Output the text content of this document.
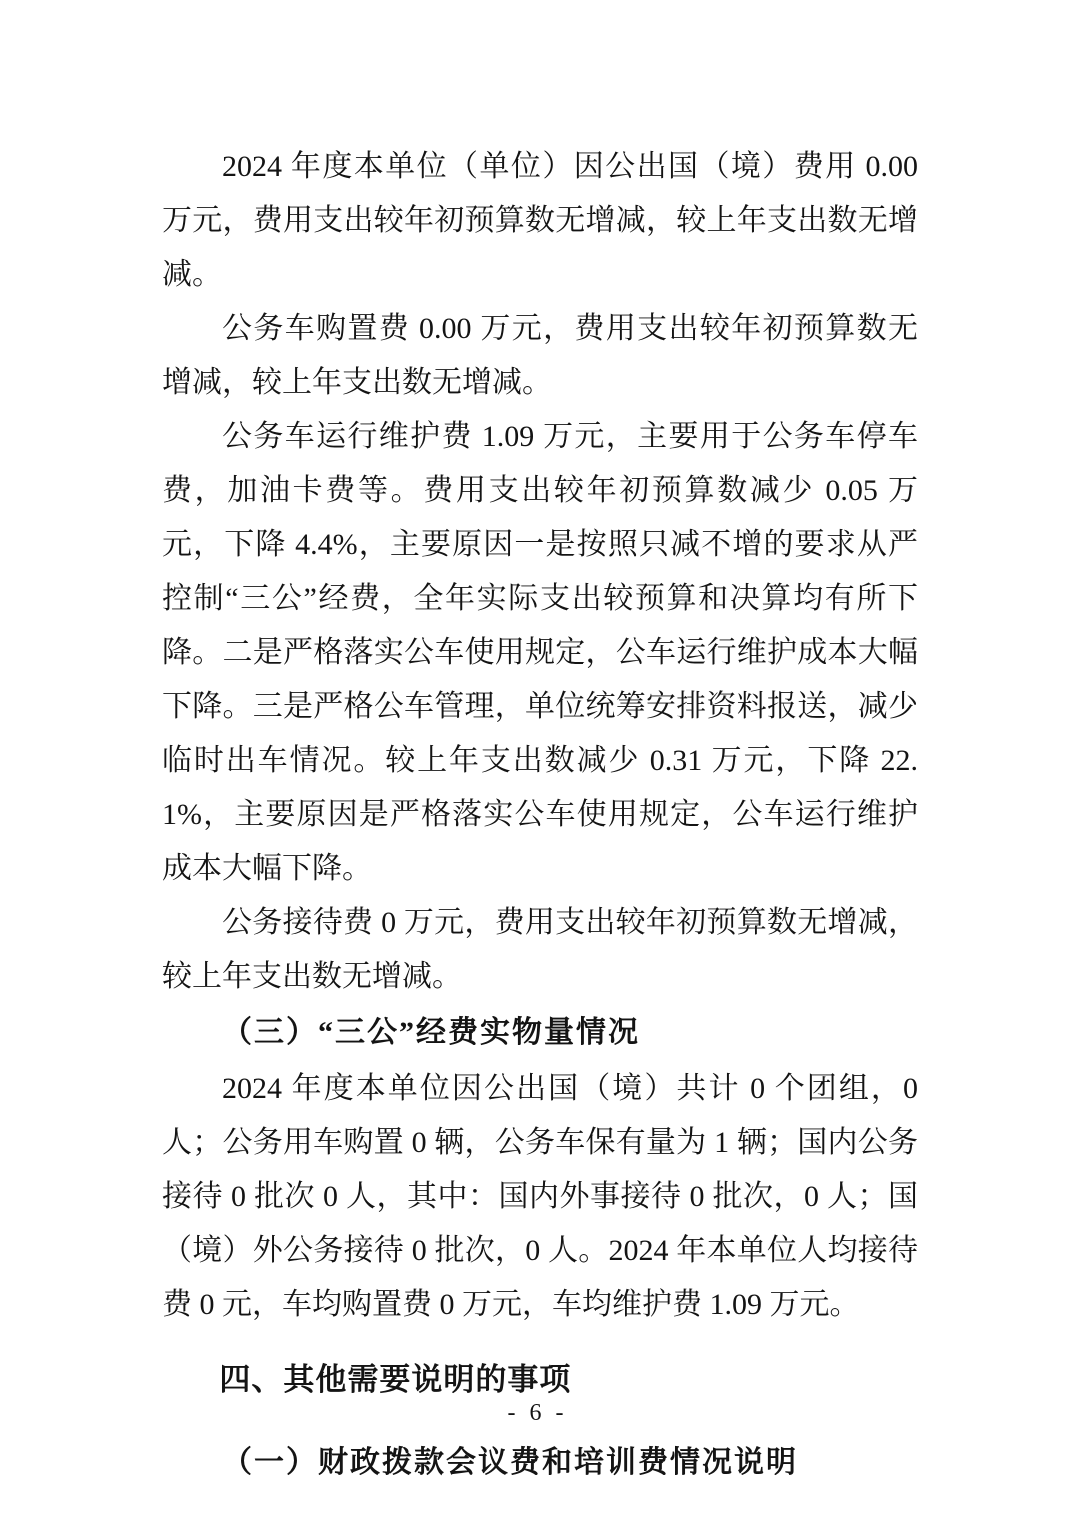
2024 年度本单位（单位）因公出国（境）费用 0.00 万元，费用支出较年初预算数无增减，较上年支出数无增减。

公务车购置费 0.00 万元，费用支出较年初预算数无增减，较上年支出数无增减。

公务车运行维护费 1.09 万元，主要用于公务车停车费，加油卡费等。费用支出较年初预算数减少 0.05 万元，下降 4.4%，主要原因一是按照只减不增的要求从严控制“三公”经费，全年实际支出较预算和决算均有所下降。二是严格落实公车使用规定，公车运行维护成本大幅下降。三是严格公车管理，单位统筹安排资料报送，减少临时出车情况。较上年支出数减少 0.31 万元，下降 22.1%，主要原因是严格落实公车使用规定，公车运行维护成本大幅下降。

公务接待费 0 万元，费用支出较年初预算数无增减，较上年支出数无增减。

（三）“三公”经费实物量情况

2024 年度本单位因公出国（境）共计 0 个团组，0 人；公务用车购置 0 辆，公务车保有量为 1 辆；国内公务接待 0 批次 0 人，其中：国内外事接待 0 批次，0 人；国（境）外公务接待 0 批次，0 人。2024 年本单位人均接待费 0 元，车均购置费 0 万元，车均维护费 1.09 万元。

四、其他需要说明的事项
（一）财政拨款会议费和培训费情况说明
- 6 -
